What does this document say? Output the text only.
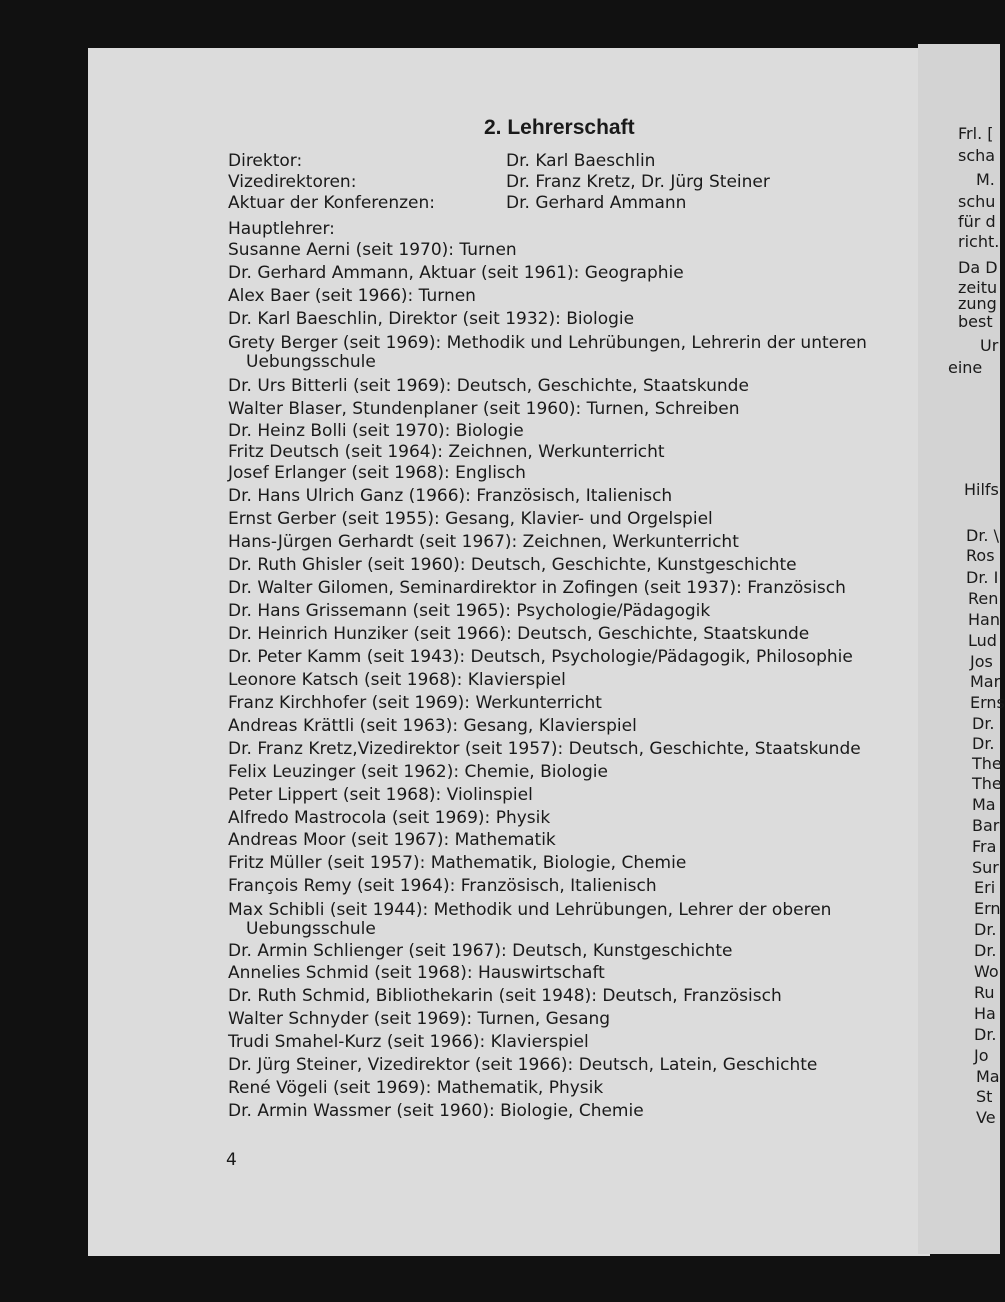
2. Lehrerschaft
Direktor:	Dr. Karl Baeschlin
Vizedirektoren:	Dr. Franz Kretz, Dr. Jürg Steiner
Aktuar der Konferenzen:	Dr. Gerhard Ammann
Hauptlehrer:
Susanne Aerni (seit 1970): Turnen
Dr. Gerhard Ammann, Aktuar (seit 1961): Geographie
Alex Baer (seit 1966): Turnen
Dr. Karl Baeschlin, Direktor (seit 1932): Biologie
Grety Berger (seit 1969): Methodik und Lehrübungen, Lehrerin der unteren
Uebungsschule
Dr. Urs Bitterli (seit 1969): Deutsch, Geschichte, Staatskunde
Walter Blaser, Stundenplaner (seit 1960): Turnen, Schreiben
Dr. Heinz Bolli (seit 1970): Biologie
Fritz Deutsch (seit 1964): Zeichnen, Werkunterricht
Josef Erlanger (seit 1968): Englisch
Dr. Hans Ulrich Ganz (1966): Französisch, Italienisch
Ernst Gerber (seit 1955): Gesang, Klavier- und Orgelspiel
Hans-Jürgen Gerhardt (seit 1967): Zeichnen, Werkunterricht
Dr. Ruth Ghisler (seit 1960): Deutsch, Geschichte, Kunstgeschichte
Dr. Walter Gilomen, Seminardirektor in Zofingen (seit 1937): Französisch
Dr. Hans Grissemann (seit 1965): Psychologie/Pädagogik
Dr. Heinrich Hunziker (seit 1966): Deutsch, Geschichte, Staatskunde
Dr. Peter Kamm (seit 1943): Deutsch, Psychologie/Pädagogik, Philosophie
Leonore Katsch (seit 1968): Klavierspiel
Franz Kirchhofer (seit 1969): Werkunterricht
Andreas Krättli (seit 1963): Gesang, Klavierspiel
Dr. Franz Kretz,Vizedirektor (seit 1957): Deutsch, Geschichte, Staatskunde
Felix Leuzinger (seit 1962): Chemie, Biologie
Peter Lippert (seit 1968): Violinspiel
Alfredo Mastrocola (seit 1969): Physik
Andreas Moor (seit 1967): Mathematik
Fritz Müller (seit 1957): Mathematik, Biologie, Chemie
François Remy (seit 1964): Französisch, Italienisch
Max Schibli (seit 1944): Methodik und Lehrübungen, Lehrer der oberen
Uebungsschule
Dr. Armin Schlienger (seit 1967): Deutsch, Kunstgeschichte
Annelies Schmid (seit 1968): Hauswirtschaft
Dr. Ruth Schmid, Bibliothekarin (seit 1948): Deutsch, Französisch
Walter Schnyder (seit 1969): Turnen, Gesang
Trudi Smahel-Kurz (seit 1966): Klavierspiel
Dr. Jürg Steiner, Vizedirektor (seit 1966): Deutsch, Latein, Geschichte
René Vögeli (seit 1969): Mathematik, Physik
Dr. Armin Wassmer (seit 1960): Biologie, Chemie
4
Frl. [
scha
M.
schu
für d
richt.
Da D
zeitu
zung
best
Ur
eine
Hilfs
Dr. \
Ros
Dr. I
Ren
Han
Lud
Jos
Mar
Erns
Dr.
Dr.
The
The
Ma
Bar
Fra
Sur
Eri
Ern
Dr.
Dr.
Wo
Ru
Ha
Dr.
Jo
Ma
St
Ve
